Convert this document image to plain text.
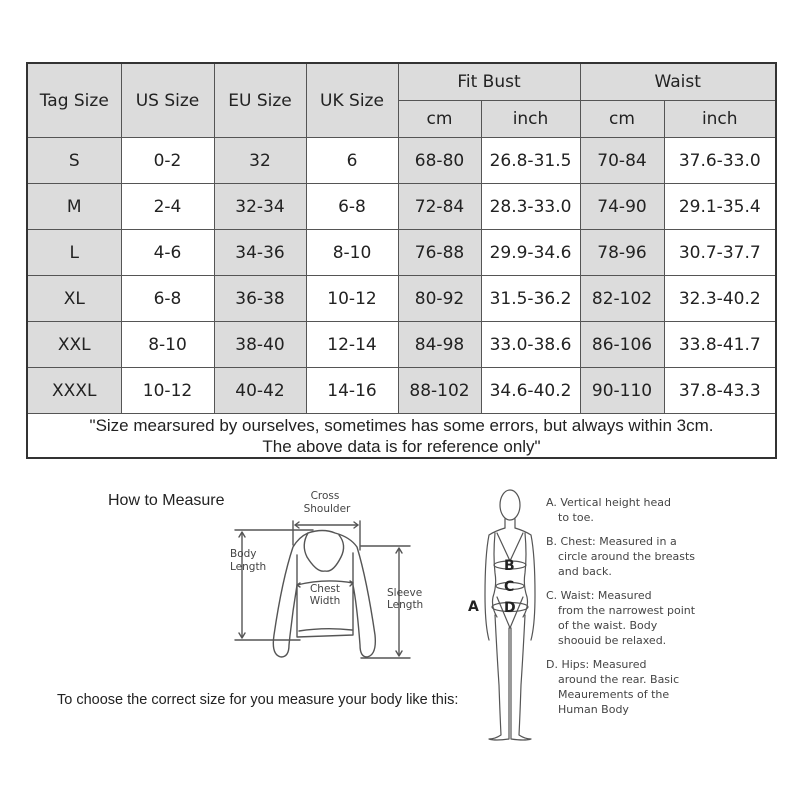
Tag Size	US Size	EU Size	UK Size	Fit Bust		Waist	
				cm	inch	cm	inch
S	0-2	32	6	68-80	26.8-31.5	70-84	37.6-33.0
M	2-4	32-34	6-8	72-84	28.3-33.0	74-90	29.1-35.4
L	4-6	34-36	8-10	76-88	29.9-34.6	78-96	30.7-37.7
XL	6-8	36-38	10-12	80-92	31.5-36.2	82-102	32.3-40.2
XXL	8-10	38-40	12-14	84-98	33.0-38.6	86-106	33.8-41.7
XXXL	10-12	40-42	14-16	88-102	34.6-40.2	90-110	37.8-43.3

"Size mearsured by ourselves, sometimes has some errors, but always within 3cm.
The above data is for reference only"							
How to Measure	Cross
Shoulder
Body
Length
Chest
Width
Sleeve
Length
B
C
D
A
A. Vertical height head
to toe.
B. Chest: Measured in a
circle around the breasts and back.
C. Waist: Measured
from the narrowest point of the waist. Body shoouid be relaxed.
D. Hips: Measured
around the rear. Basic Meaurements of the Human Body
To choose the correct size for you measure your body like this:
